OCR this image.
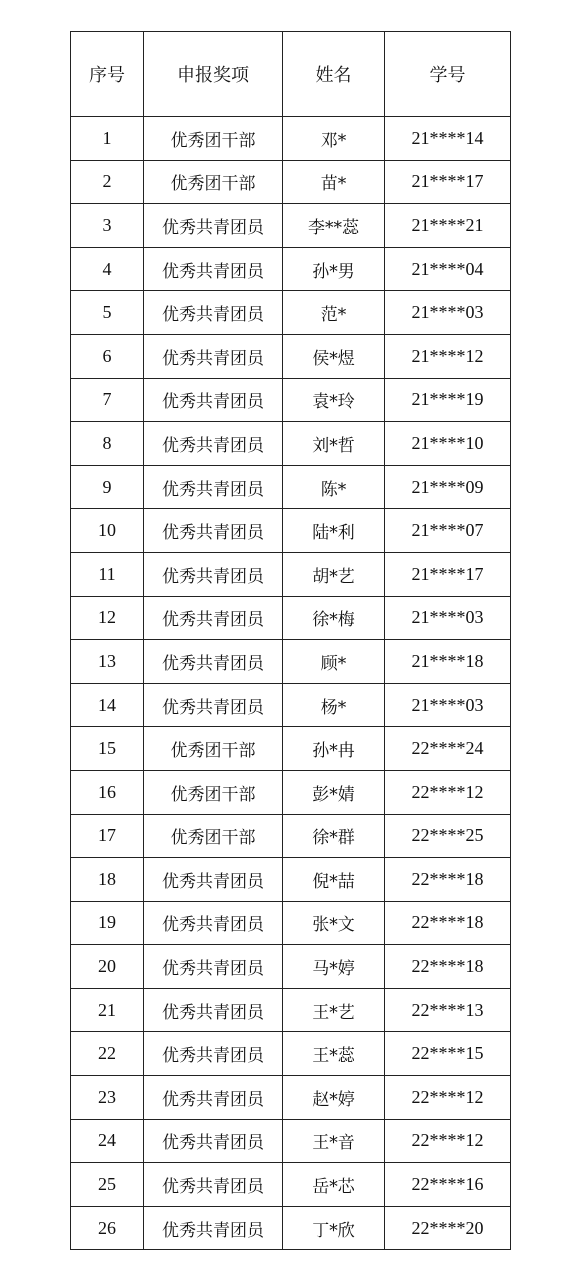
序号	申报奖项	姓名	学号
1	优秀团干部	邓*	21****14
2	优秀团干部	苗*	21****17
3	优秀共青团员	李**蕊	21****21
4	优秀共青团员	孙*男	21****04
5	优秀共青团员	范*	21****03
6	优秀共青团员	侯*煜	21****12
7	优秀共青团员	袁*玲	21****19
8	优秀共青团员	刘*哲	21****10
9	优秀共青团员	陈*	21****09
10	优秀共青团员	陆*利	21****07
11	优秀共青团员	胡*艺	21****17
12	优秀共青团员	徐*梅	21****03
13	优秀共青团员	顾*	21****18
14	优秀共青团员	杨*	21****03
15	优秀团干部	孙*冉	22****24
16	优秀团干部	彭*婧	22****12
17	优秀团干部	徐*群	22****25
18	优秀共青团员	倪*喆	22****18
19	优秀共青团员	张*文	22****18
20	优秀共青团员	马*婷	22****18
21	优秀共青团员	王*艺	22****13
22	优秀共青团员	王*蕊	22****15
23	优秀共青团员	赵*婷	22****12
24	优秀共青团员	王*音	22****12
25	优秀共青团员	岳*芯	22****16
26	优秀共青团员	丁*欣	22****20
